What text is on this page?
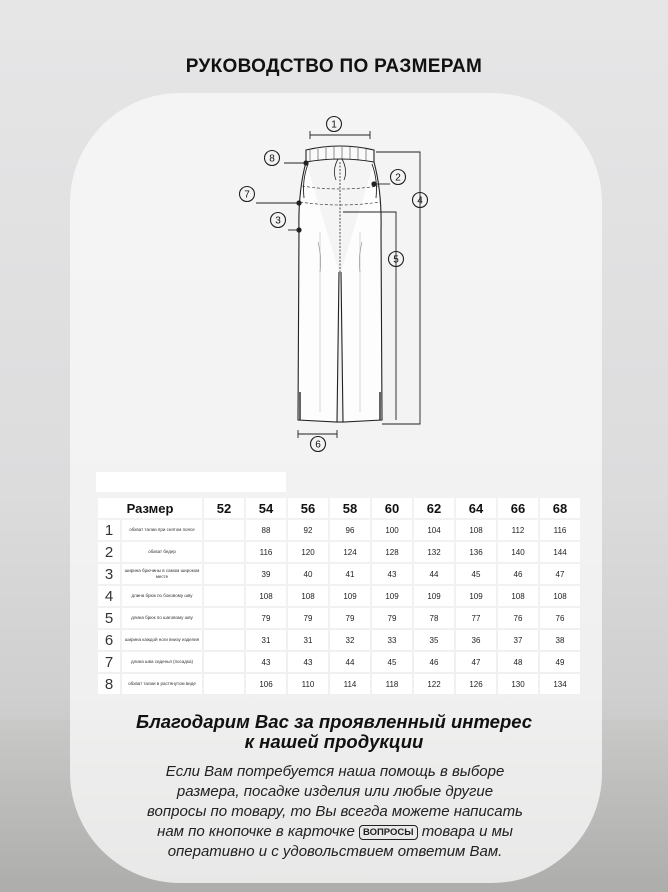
РУКОВОДСТВО ПО РАЗМЕРАМ
1
2
3
4
5
6
7
8
Размер		52	54	56	58	60	62	64	66	68
1	обхват талии при снятом поясе		88	92	96	100	104	108	112	116
2	обхват бедер		116	120	124	128	132	136	140	144
3	ширина брючины в самом широком месте		39	40	41	43	44	45	46	47
4	длина брюк по боковому шву		108	108	109	109	109	109	108	108
5	длина брюк по шаговому шву		79	79	79	79	78	77	76	76
6	ширина каждой ноги внизу изделия		31	31	32	33	35	36	37	38
7	длина шва сиденья (посадка)		43	43	44	45	46	47	48	49
8	обхват талии в растянутом виде		106	110	114	118	122	126	130	134
Благодарим Вас за проявленный интерес
к нашей продукции
Если Вам потребуется наша помощь в выборе
размера, посадке изделия или любые другие
вопросы по товару, то Вы всегда можете написать
нам по кнопочке в карточке ВОПРОСЫ товара и мы
оперативно и с удовольствием ответим Вам.
